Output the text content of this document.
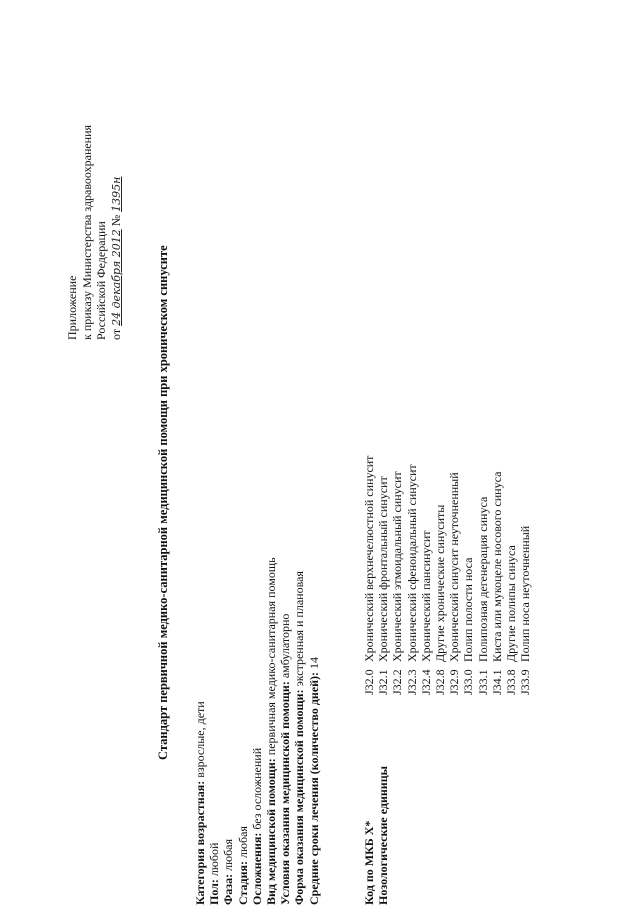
Приложение к приказу Министерства здравоохранения Российской Федерации от 24 декабря 2012 № 1395н
Стандарт первичной медико-санитарной медицинской помощи при хроническом синусите
Категория возрастная: взрослые, дети
Пол: любой
Фаза: любая
Стадия: любая Осложнения: без осложнений Вид медицинской помощи: первичная медико-санитарная помощь
Условия оказания медицинской помощи: амбулаторно
Форма оказания медицинской помощи: экстренная и плановая
Средние сроки лечения (количество дней): 14
Код по МКБ X*
J32.0
Хронический верхнечелюстной синусит
Нозологические единицы
J32.1
Хронический фронтальный синусит
J32.2
Хронический этмоидальный синусит
J32.3
Хронический сфеноидальный синусит
J32.4
Хронический пансинусит
J32.8
Другие хронические синуситы
J32.9
Хронический синусит неуточненный
J33.0
Полип полости носа
J33.1
Полипозная дегенерация синуса
J34.1
Киста или мукоцеле носового синуса
J33.8
Другие полипы синуса
J33.9
Полип носа неуточненный
